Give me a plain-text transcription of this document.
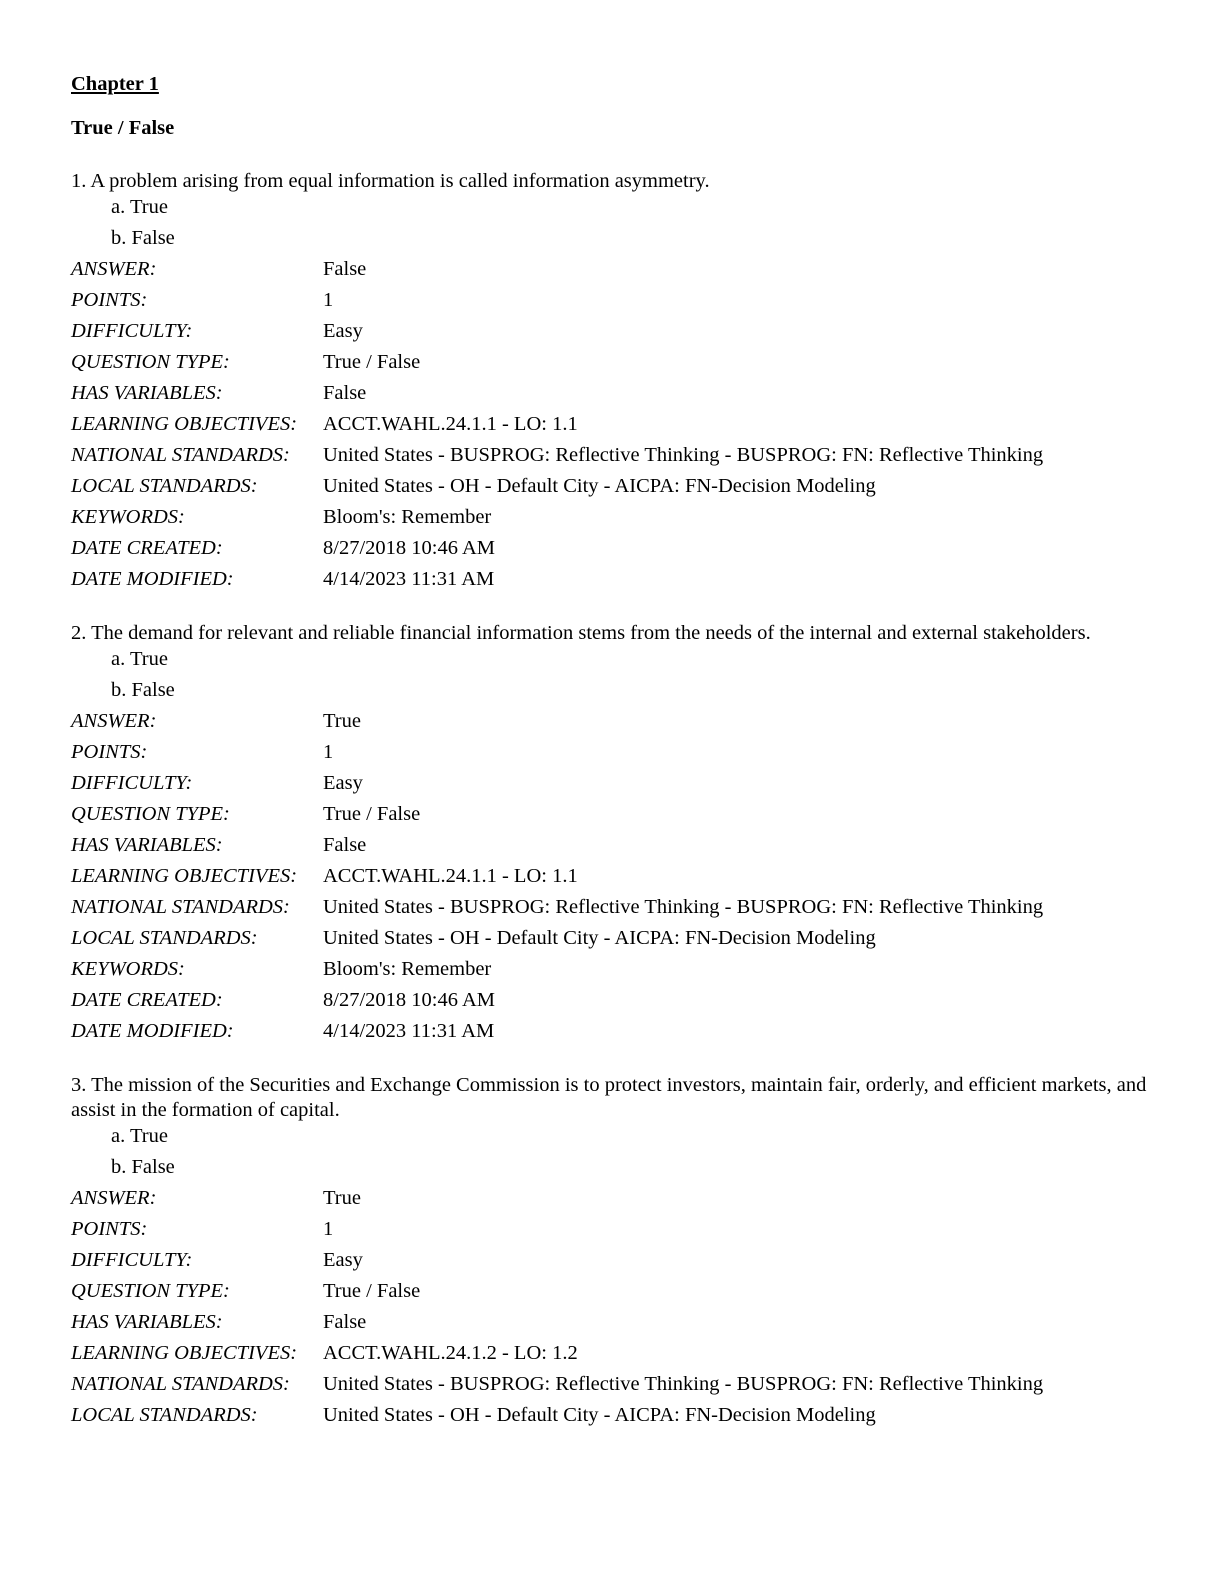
Chapter 1
True / False

1. A problem arising from equal information is called information asymmetry.

a. True
b. False
ANSWER:	False
POINTS:	1
DIFFICULTY:	Easy
QUESTION TYPE:	True / False
HAS VARIABLES:	False
LEARNING OBJECTIVES:	ACCT.WAHL.24.1.1 - LO: 1.1
NATIONAL STANDARDS:	United States - BUSPROG: Reflective Thinking - BUSPROG: FN: Reflective Thinking
LOCAL STANDARDS:	United States - OH - Default City - AICPA: FN-Decision Modeling
KEYWORDS:	Bloom's: Remember
DATE CREATED:	8/27/2018 10:46 AM
DATE MODIFIED:	4/14/2023 11:31 AM

2. The demand for relevant and reliable financial information stems from the needs of the internal and external stakeholders.

a. True
b. False
ANSWER:	True
POINTS:	1
DIFFICULTY:	Easy
QUESTION TYPE:	True / False
HAS VARIABLES:	False
LEARNING OBJECTIVES:	ACCT.WAHL.24.1.1 - LO: 1.1
NATIONAL STANDARDS:	United States - BUSPROG: Reflective Thinking - BUSPROG: FN: Reflective Thinking
LOCAL STANDARDS:	United States - OH - Default City - AICPA: FN-Decision Modeling
KEYWORDS:	Bloom's: Remember
DATE CREATED:	8/27/2018 10:46 AM
DATE MODIFIED:	4/14/2023 11:31 AM

3. The mission of the Securities and Exchange Commission is to protect investors, maintain fair, orderly, and efficient markets, and assist in the formation of capital.

a. True
b. False
ANSWER:	True
POINTS:	1
DIFFICULTY:	Easy
QUESTION TYPE:	True / False
HAS VARIABLES:	False
LEARNING OBJECTIVES:	ACCT.WAHL.24.1.2 - LO: 1.2
NATIONAL STANDARDS:	United States - BUSPROG: Reflective Thinking - BUSPROG: FN: Reflective Thinking
LOCAL STANDARDS:	United States - OH - Default City - AICPA: FN-Decision Modeling
